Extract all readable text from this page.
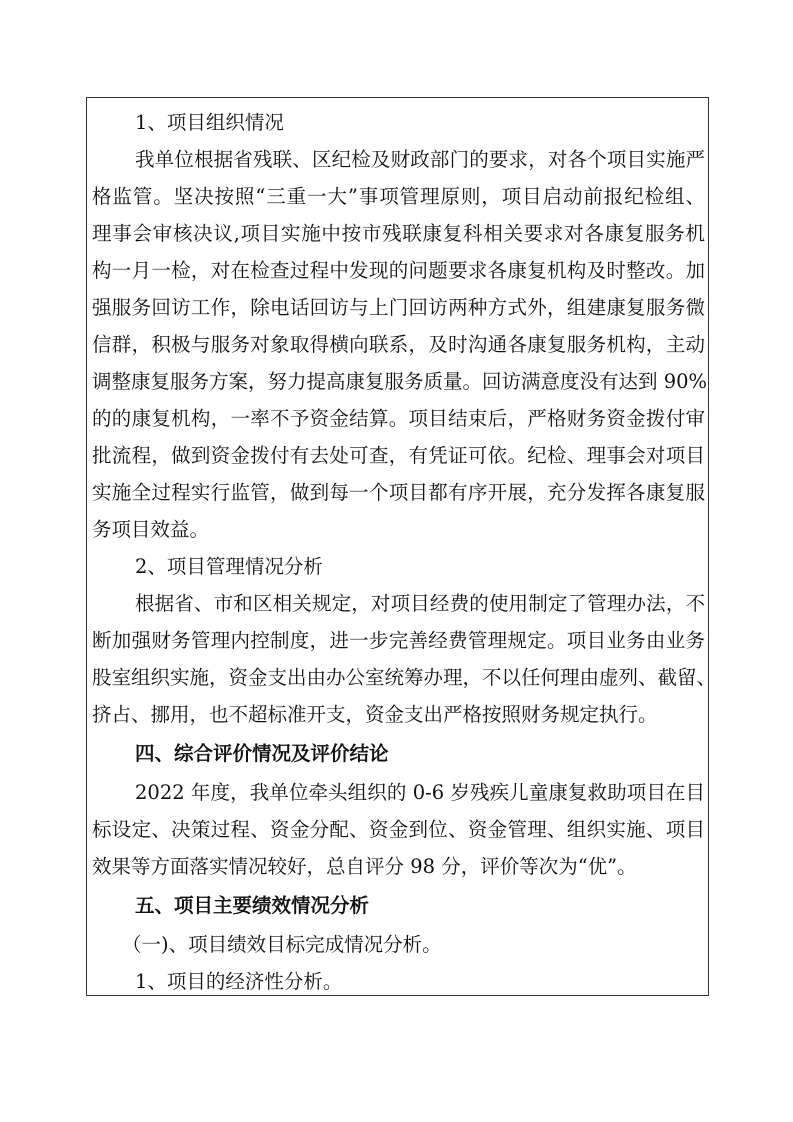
1、项目组织情况
我单位根据省残联、区纪检及财政部门的要求，对各个项目实施严
格监管。坚决按照“三重一大”事项管理原则，项目启动前报纪检组、
理事会审核决议,项目实施中按市残联康复科相关要求对各康复服务机
构一月一检，对在检查过程中发现的问题要求各康复机构及时整改。加
强服务回访工作，除电话回访与上门回访两种方式外，组建康复服务微
信群，积极与服务对象取得横向联系，及时沟通各康复服务机构，主动
调整康复服务方案，努力提高康复服务质量。回访满意度没有达到 90%
的的康复机构，一率不予资金结算。项目结束后，严格财务资金拨付审
批流程，做到资金拨付有去处可查，有凭证可依。纪检、理事会对项目
实施全过程实行监管，做到每一个项目都有序开展，充分发挥各康复服
务项目效益。
2、项目管理情况分析
根据省、市和区相关规定，对项目经费的使用制定了管理办法，不
断加强财务管理内控制度，进一步完善经费管理规定。项目业务由业务
股室组织实施，资金支出由办公室统筹办理，不以任何理由虚列、截留、
挤占、挪用，也不超标准开支，资金支出严格按照财务规定执行。
四、综合评价情况及评价结论
2022 年度，我单位牵头组织的 0-6 岁残疾儿童康复救助项目在目
标设定、决策过程、资金分配、资金到位、资金管理、组织实施、项目
效果等方面落实情况较好，总自评分 98 分，评价等次为“优”。
五、项目主要绩效情况分析
（一)、项目绩效目标完成情况分析。
1、项目的经济性分析。
